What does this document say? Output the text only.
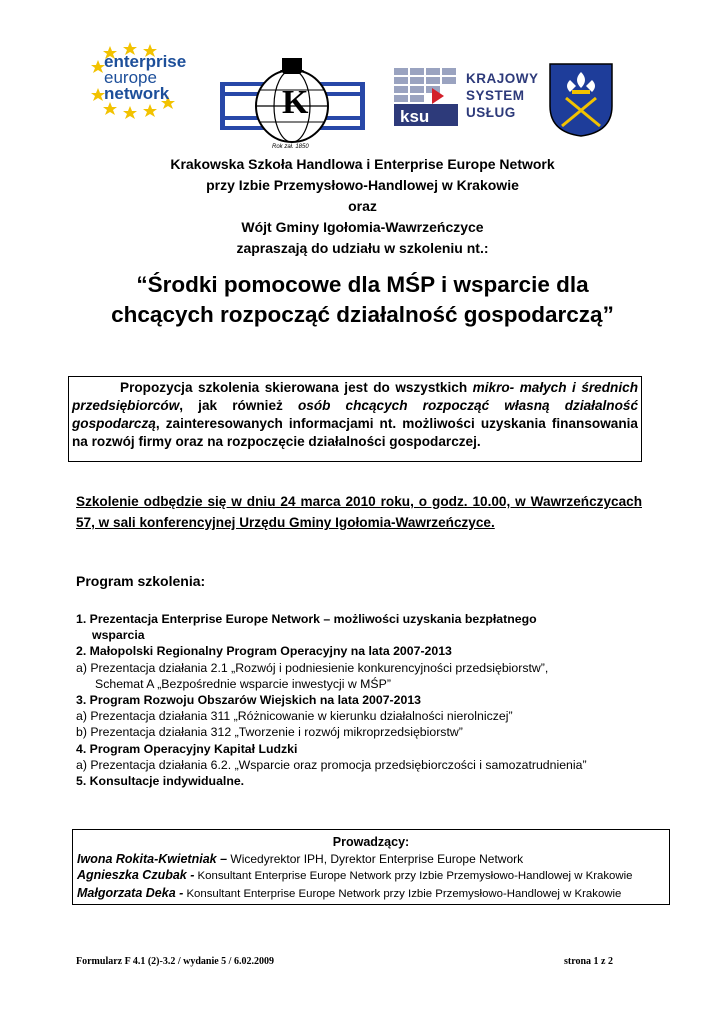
enterprise
europe
network	K
Rok zał. 1850
ksu
KRAJOWY
SYSTEM
USŁUG
Krakowska Szkoła Handlowa i Enterprise Europe Network
przy Izbie Przemysłowo-Handlowej w Krakowie
oraz
Wójt Gminy Igołomia-Wawrzeńczyce
zapraszają do udziału w szkoleniu nt.:
“Środki pomocowe dla MŚP i wsparcie dla
chcących rozpocząć działalność gospodarczą”
Propozycja szkolenia skierowana jest do wszystkich mikro- małych i średnich przedsiębiorców, jak również osób chcących rozpocząć własną działalność gospodarczą, zainteresowanych informacjami nt. możliwości uzyskania finansowania na rozwój firmy oraz na rozpoczęcie działalności gospodarczej.
Szkolenie odbędzie się w dniu 24 marca 2010 roku, o godz. 10.00, w Wawrzeńczycach 57, w sali konferencyjnej Urzędu Gminy Igołomia-Wawrzeńczyce.
Program szkolenia:
1. Prezentacja Enterprise Europe Network – możliwości uzyskania bezpłatnego
wsparcia
2. Małopolski Regionalny Program Operacyjny na lata 2007-2013
a) Prezentacja działania 2.1 „Rozwój i podniesienie konkurencyjności przedsiębiorstw”,
Schemat A „Bezpośrednie wsparcie inwestycji w MŚP”
3. Program Rozwoju Obszarów Wiejskich na lata 2007-2013
a) Prezentacja działania 311 „Różnicowanie w kierunku działalności nierolniczej”
b) Prezentacja działania 312 „Tworzenie i rozwój mikroprzedsiębiorstw”
4. Program Operacyjny Kapitał Ludzki
a) Prezentacja działania 6.2. „Wsparcie oraz promocja przedsiębiorczości i samozatrudnienia”
5. Konsultacje indywidualne.
Prowadzący:
Iwona Rokita-Kwietniak – Wicedyrektor IPH, Dyrektor Enterprise Europe Network
Agnieszka Czubak - Konsultant Enterprise Europe Network przy Izbie Przemysłowo-Handlowej w Krakowie
Małgorzata Deka - Konsultant Enterprise Europe Network przy Izbie Przemysłowo-Handlowej w Krakowie
Formularz F 4.1 (2)-3.2 / wydanie 5 / 6.02.2009	strona 1 z 2
